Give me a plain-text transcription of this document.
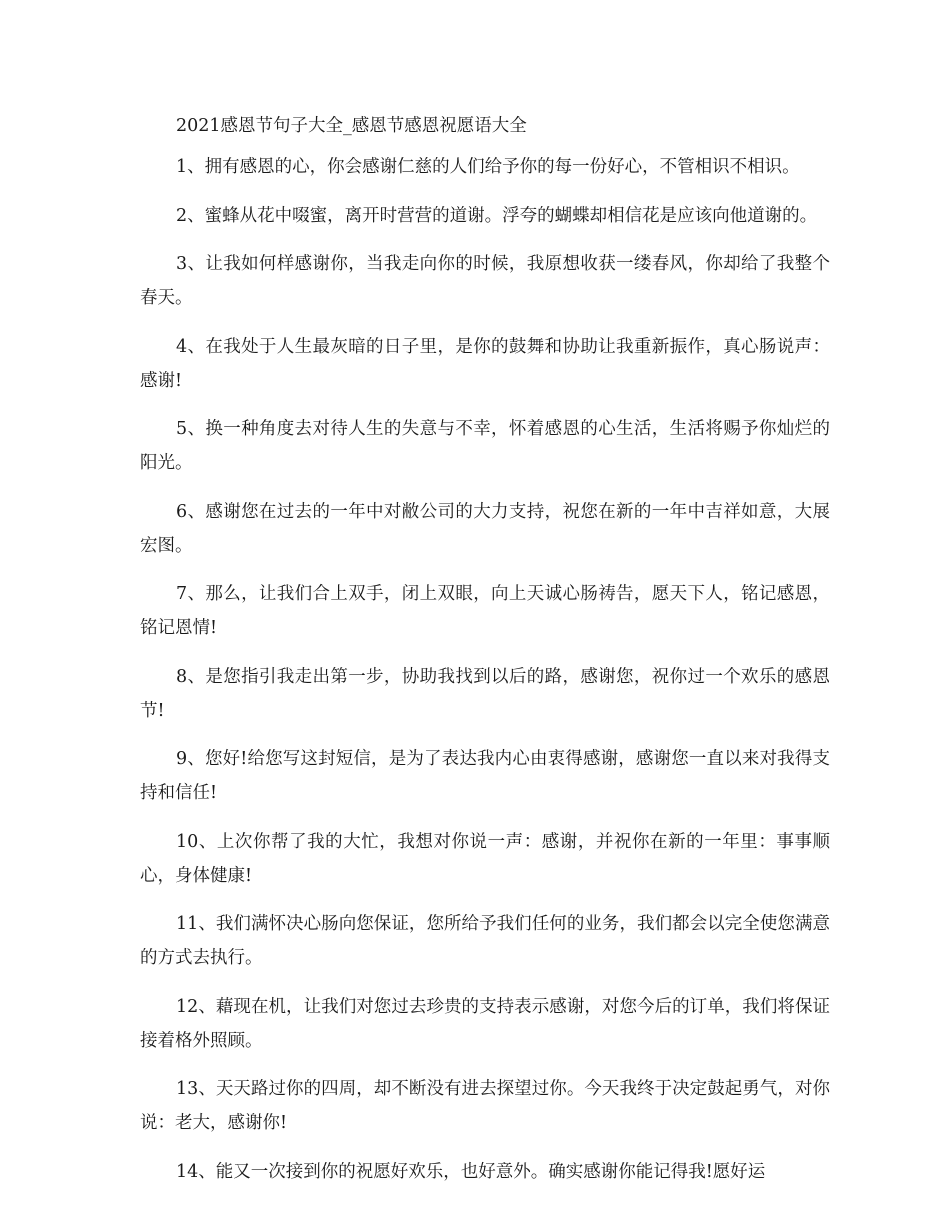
2021感恩节句子大全_感恩节感恩祝愿语大全

1、拥有感恩的心，你会感谢仁慈的人们给予你的每一份好心，不管相识不相识。

2、蜜蜂从花中啜蜜，离开时营营的道谢。浮夸的蝴蝶却相信花是应该向他道谢的。

3、让我如何样感谢你，当我走向你的时候，我原想收获一缕春风，你却给了我整个春天。

4、在我处于人生最灰暗的日子里，是你的鼓舞和协助让我重新振作，真心肠说声：感谢!

5、换一种角度去对待人生的失意与不幸，怀着感恩的心生活，生活将赐予你灿烂的阳光。

6、感谢您在过去的一年中对敝公司的大力支持，祝您在新的一年中吉祥如意，大展宏图。

7、那么，让我们合上双手，闭上双眼，向上天诚心肠祷告，愿天下人，铭记感恩，铭记恩情!

8、是您指引我走出第一步，协助我找到以后的路，感谢您，祝你过一个欢乐的感恩节!

9、您好!给您写这封短信，是为了表达我内心由衷得感谢，感谢您一直以来对我得支持和信任!

10、上次你帮了我的大忙，我想对你说一声：感谢，并祝你在新的一年里：事事顺心，身体健康!

11、我们满怀决心肠向您保证，您所给予我们任何的业务，我们都会以完全使您满意的方式去执行。

12、藉现在机，让我们对您过去珍贵的支持表示感谢，对您今后的订单，我们将保证接着格外照顾。

13、天天路过你的四周，却不断没有进去探望过你。今天我终于决定鼓起勇气，对你说：老大，感谢你!

14、能又一次接到你的祝愿好欢乐，也好意外。确实感谢你能记得我!愿好运
